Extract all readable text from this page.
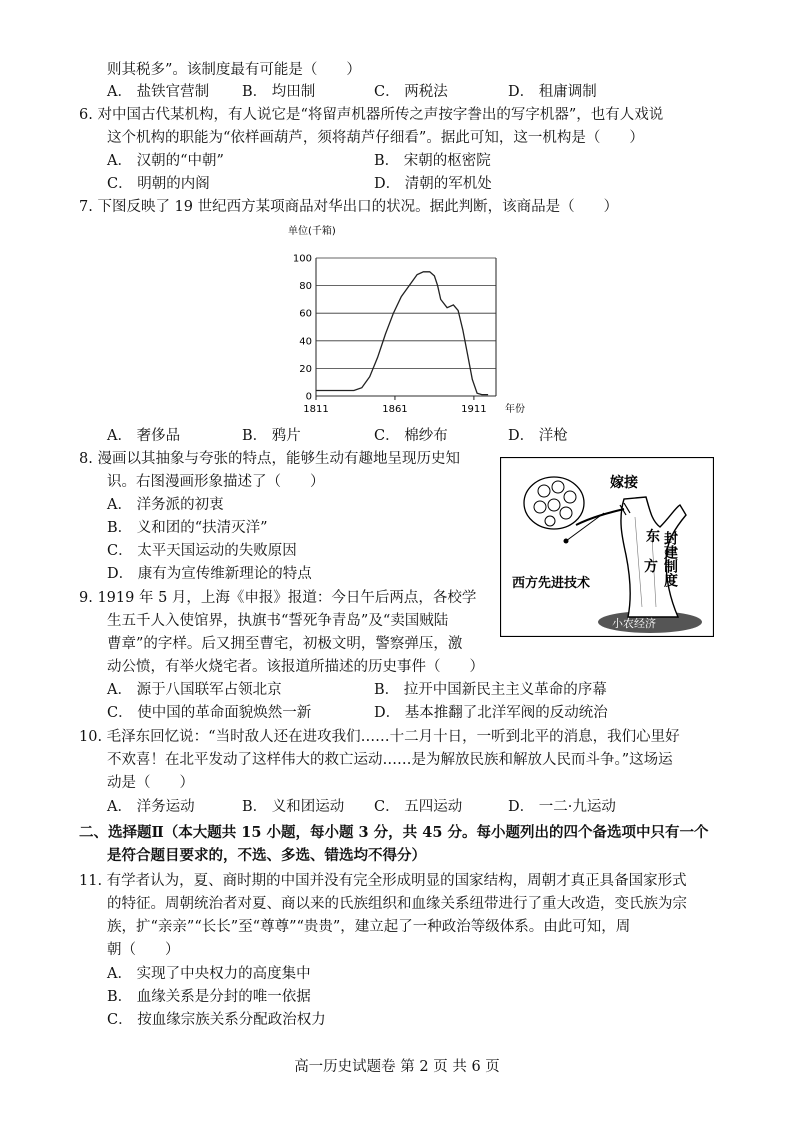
则其税多”。该制度最有可能是（　　）
A． 盐铁官营制 B． 均田制	C． 两税法	D． 租庸调制
6. 对中国古代某机构，有人说它是“将留声机器所传之声按字誊出的写字机器”，也有人戏说
这个机构的职能为“依样画葫芦，须将葫芦仔细看”。据此可知，这一机构是（　　）
A． 汉朝的“中朝”	B． 宋朝的枢密院
C． 明朝的内阁	D． 清朝的军机处
7. 下图反映了 19 世纪西方某项商品对华出口的状况。据此判断，该商品是（　　）
单位(千箱)
0
20
40
60
80
100
1811	1861	1911 年份
A． 奢侈品	B． 鸦片	C． 棉纱布	D． 洋枪
8. 漫画以其抽象与夸张的特点，能够生动有趣地呈现历史知
识。右图漫画形象描述了（　　）
A． 洋务派的初衷
B． 义和团的“扶清灭洋”
C． 太平天国运动的失败原因
D． 康有为宣传维新理论的特点
嫁接
东
方 封建制度
西方先进技术
小农经济
9. 1919 年 5 月，上海《申报》报道：今日午后两点，各校学
生五千人入使馆界，执旗书“誓死争青岛”及“卖国贼陆
曹章”的字样。后又拥至曹宅，初极文明，警察弹压，激
动公愤，有举火烧宅者。该报道所描述的历史事件（　　）
A． 源于八国联军占领北京	B． 拉开中国新民主主义革命的序幕
C． 使中国的革命面貌焕然一新	D． 基本推翻了北洋军阀的反动统治
10. 毛泽东回忆说：“当时敌人还在进攻我们……十二月十日，一听到北平的消息，我们心里好
不欢喜！在北平发动了这样伟大的救亡运动……是为解放民族和解放人民而斗争。”这场运
动是（　　）
A． 洋务运动	B． 义和团运动 C． 五四运动	D． 一二·九运动
二、选择题Ⅱ（本大题共 15 小题，每小题 3 分，共 45 分。每小题列出的四个备选项中只有一个
是符合题目要求的，不选、多选、错选均不得分）
11. 有学者认为，夏、商时期的中国并没有完全形成明显的国家结构，周朝才真正具备国家形式
的特征。周朝统治者对夏、商以来的氏族组织和血缘关系纽带进行了重大改造，变氏族为宗
族，扩“亲亲”“长长”至“尊尊”“贵贵”，建立起了一种政治等级体系。由此可知，周
朝（　　）
A． 实现了中央权力的高度集中
B． 血缘关系是分封的唯一依据
C． 按血缘宗族关系分配政治权力
高一历史试题卷 第 2 页 共 6 页
